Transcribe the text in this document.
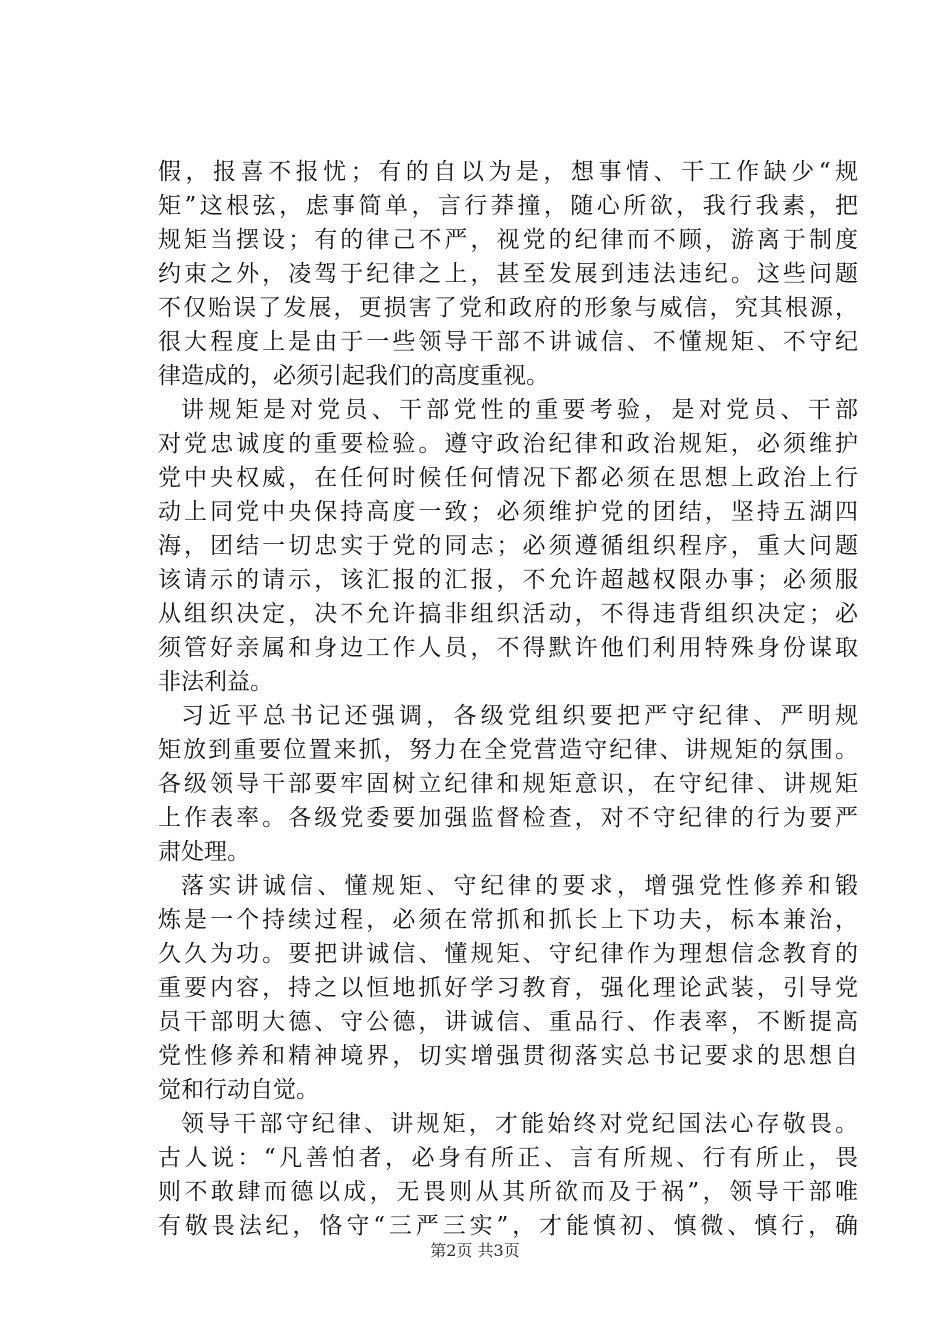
假，报喜不报忧；有的自以为是，想事情、干工作缺少“规
矩”这根弦，虑事简单，言行莽撞，随心所欲，我行我素，把
规矩当摆设；有的律己不严，视党的纪律而不顾，游离于制度
约束之外，凌驾于纪律之上，甚至发展到违法违纪。这些问题
不仅贻误了发展，更损害了党和政府的形象与威信，究其根源，
很大程度上是由于一些领导干部不讲诚信、不懂规矩、不守纪
律造成的，必须引起我们的高度重视。
讲规矩是对党员、干部党性的重要考验，是对党员、干部
对党忠诚度的重要检验。遵守政治纪律和政治规矩，必须维护
党中央权威，在任何时候任何情况下都必须在思想上政治上行
动上同党中央保持高度一致；必须维护党的团结，坚持五湖四
海，团结一切忠实于党的同志；必须遵循组织程序，重大问题
该请示的请示，该汇报的汇报，不允许超越权限办事；必须服
从组织决定，决不允许搞非组织活动，不得违背组织决定；必
须管好亲属和身边工作人员，不得默许他们利用特殊身份谋取
非法利益。
习近平总书记还强调，各级党组织要把严守纪律、严明规
矩放到重要位置来抓，努力在全党营造守纪律、讲规矩的氛围。
各级领导干部要牢固树立纪律和规矩意识，在守纪律、讲规矩
上作表率。各级党委要加强监督检查，对不守纪律的行为要严
肃处理。
落实讲诚信、懂规矩、守纪律的要求，增强党性修养和锻
炼是一个持续过程，必须在常抓和抓长上下功夫，标本兼治，
久久为功。要把讲诚信、懂规矩、守纪律作为理想信念教育的
重要内容，持之以恒地抓好学习教育，强化理论武装，引导党
员干部明大德、守公德，讲诚信、重品行、作表率，不断提高
党性修养和精神境界，切实增强贯彻落实总书记要求的思想自
觉和行动自觉。
领导干部守纪律、讲规矩，才能始终对党纪国法心存敬畏。
古人说：“凡善怕者，必身有所正、言有所规、行有所止，畏
则不敢肆而德以成，无畏则从其所欲而及于祸”，领导干部唯
有敬畏法纪，恪守“三严三实”，才能慎初、慎微、慎行，确
第2页 共3页
